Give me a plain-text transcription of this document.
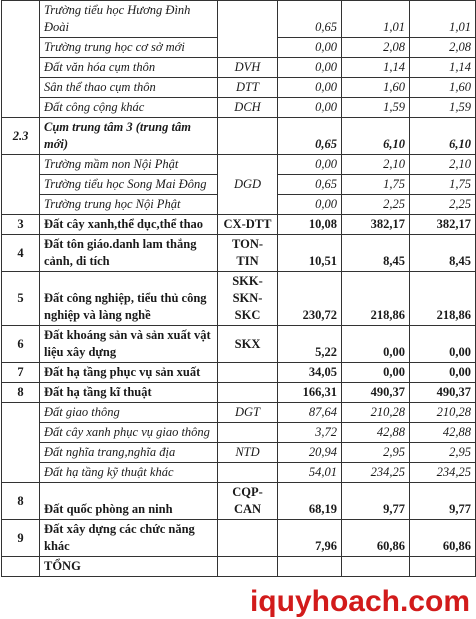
	Trường tiểu học Hương Đình Đoài		0,65	1,01	1,01
	Trường trung học cơ sở mới		0,00	2,08	2,08
	Đất văn hóa cụm thôn	DVH	0,00	1,14	1,14
	Sân thể thao cụm thôn	DTT	0,00	1,60	1,60
	Đất công cộng khác	DCH	0,00	1,59	1,59
2.3	Cụm trung tâm 3 (trung tâm mới)		0,65	6,10	6,10
	Trường mầm non Nội Phật	DGD	0,00	2,10	2,10
	Trường tiểu học Song Mai Đông		0,65	1,75	1,75
	Trường trung học Nội Phật		0,00	2,25	2,25
3	Đất cây xanh,thể dục,thể thao	CX-DTT	10,08	382,17	382,17
4	Đất tôn giáo.danh lam thắng cảnh, di tích	TON-TIN	10,51	8,45	8,45
5	Đất công nghiệp, tiểu thủ công nghiệp và làng nghề	SKK-SKN-SKC	230,72	218,86	218,86
6	Đất khoáng sản và sản xuất vật liệu xây dựng	SKX	5,22	0,00	0,00
7	Đất hạ tầng phục vụ sản xuất		34,05	0,00	0,00
8	Đất hạ tầng kĩ thuật		166,31	490,37	490,37
	Đất giao thông	DGT	87,64	210,28	210,28
	Đất cây xanh phục vụ giao thông		3,72	42,88	42,88
	Đất nghĩa trang,nghĩa địa	NTD	20,94	2,95	2,95
	Đất hạ tầng kỹ thuật khác		54,01	234,25	234,25
8	Đất quốc phòng an ninh	CQP-CAN	68,19	9,77	9,77
9	Đất xây dựng các chức năng khác		7,96	60,86	60,86
	TỔNG				
iquyhoach.com
